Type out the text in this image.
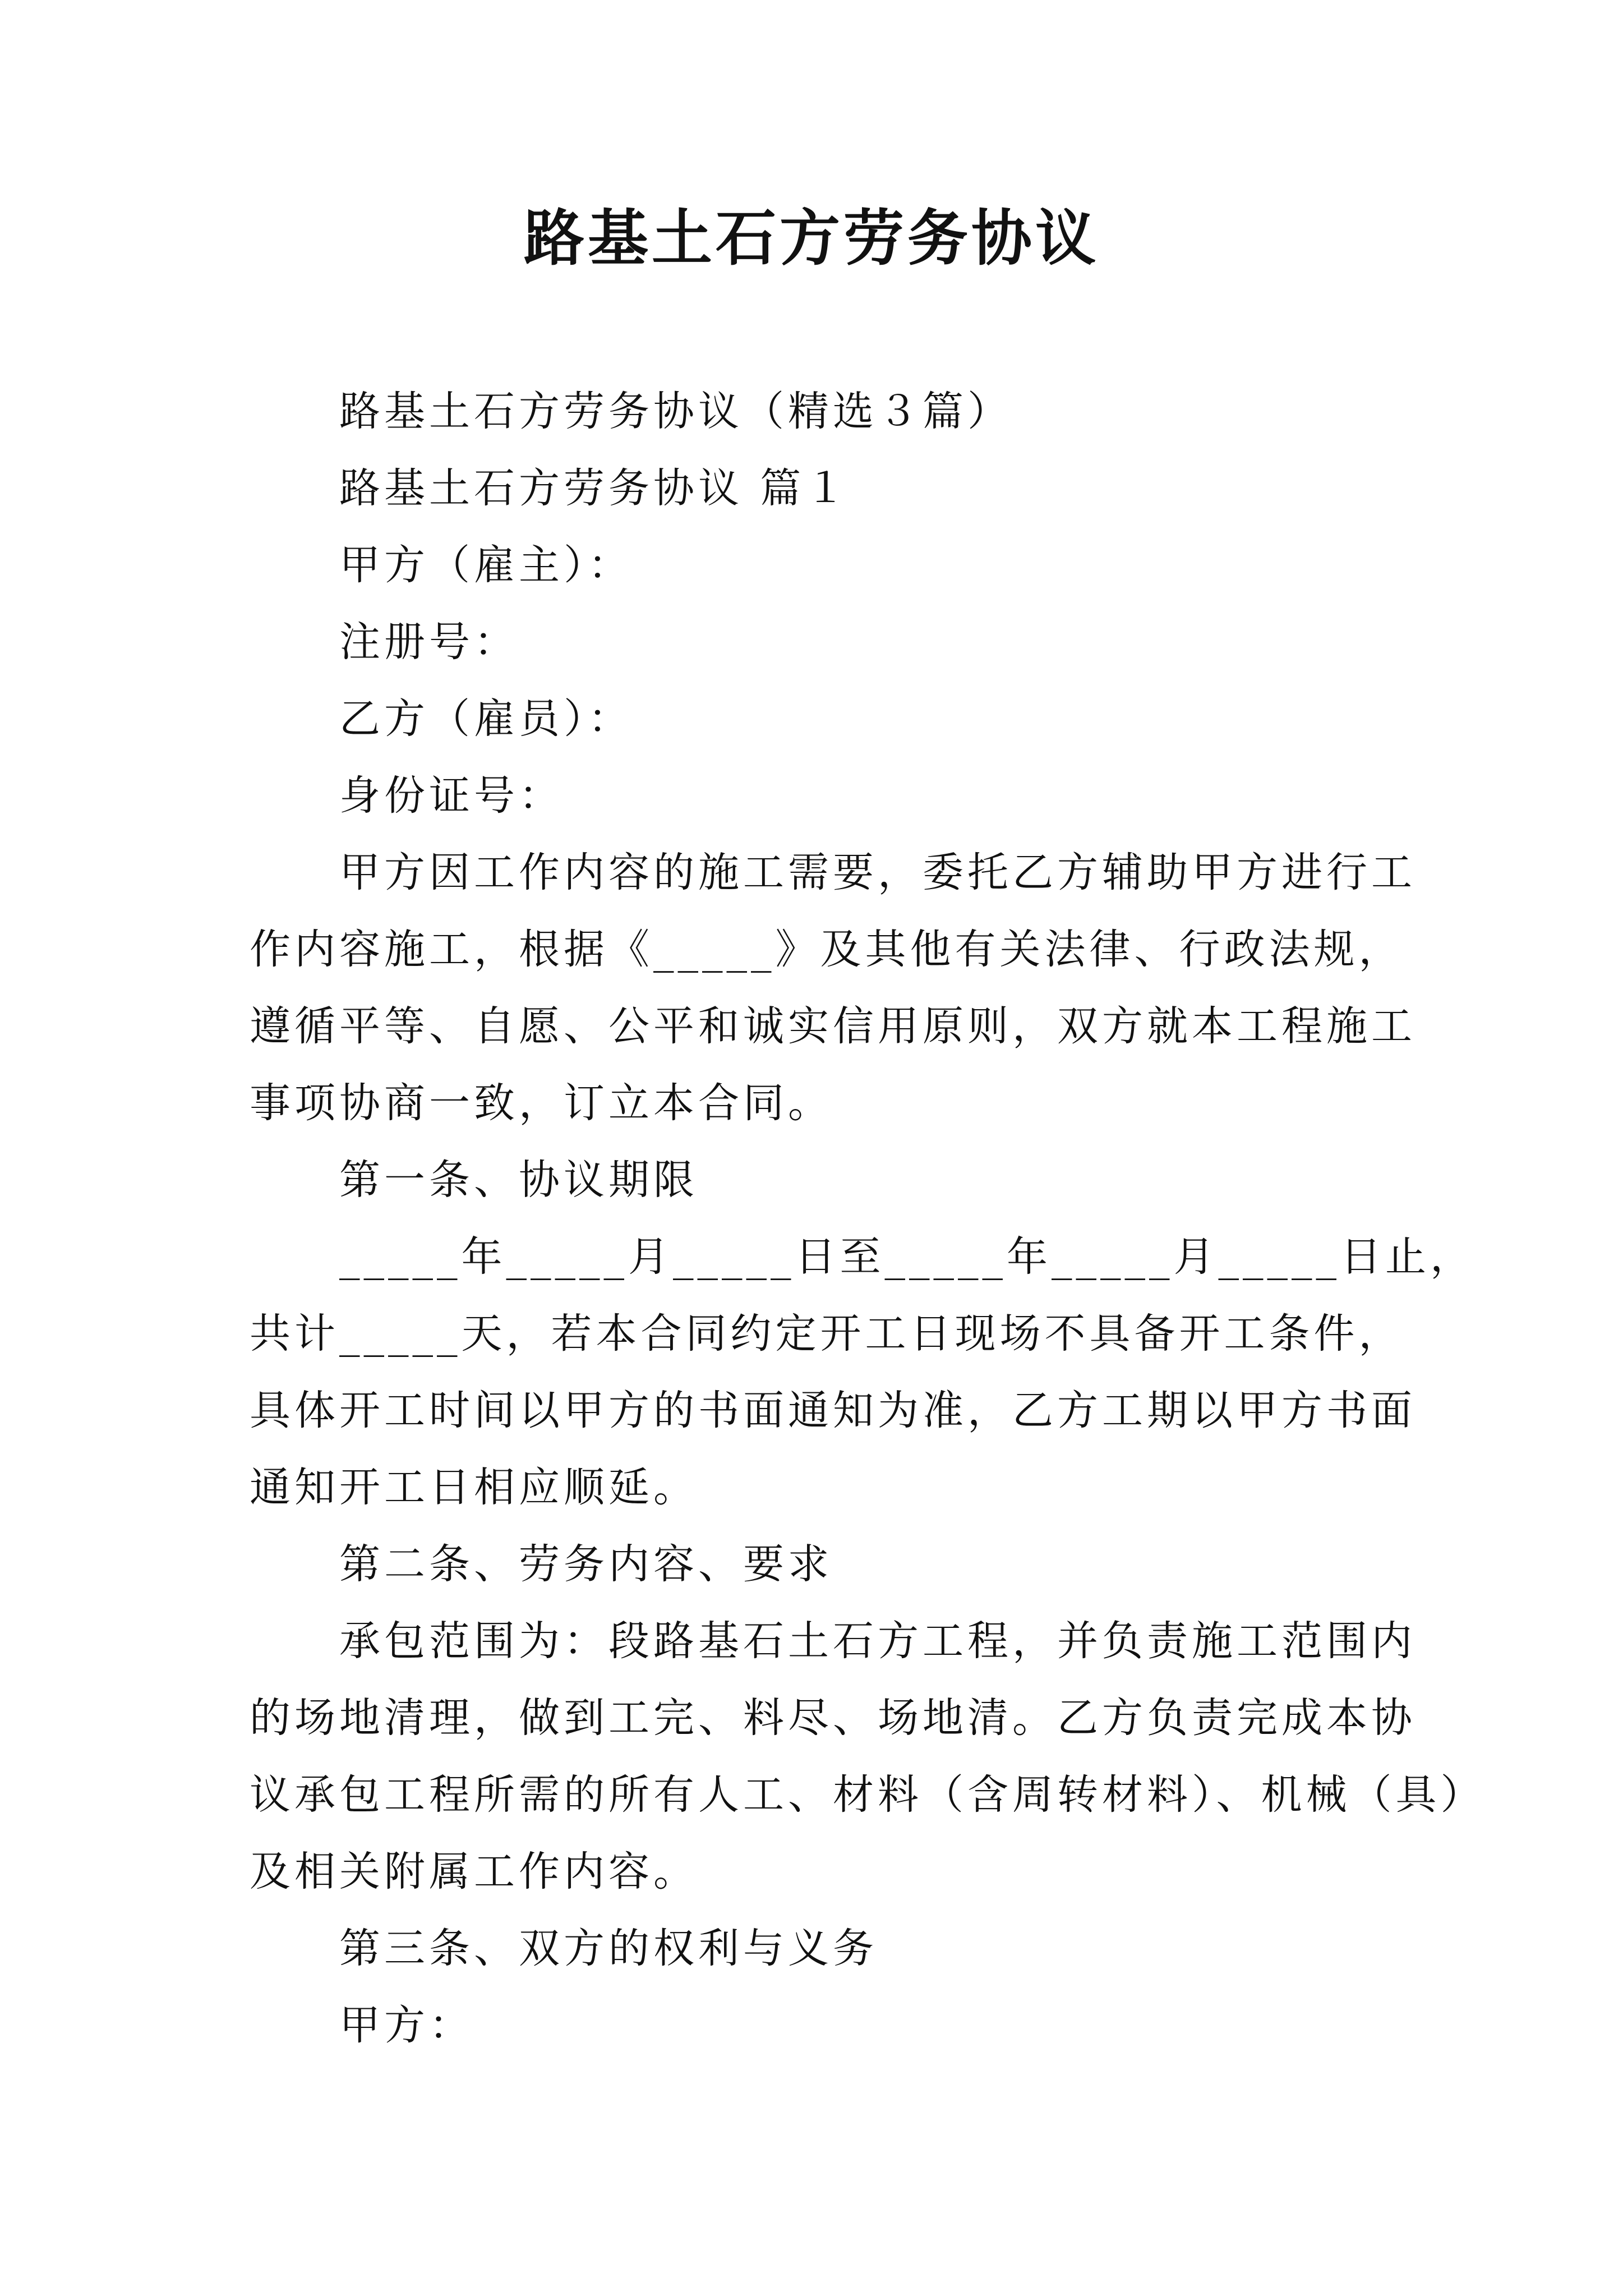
路基土石方劳务协议

路基土石方劳务协议（精选３篇）

路基土石方劳务协议 篇１

甲方（雇主）：

注册号：

乙方（雇员）：

身份证号：

甲方因工作内容的施工需要，委托乙方辅助甲方进行工

作内容施工，根据《_____》及其他有关法律、行政法规，

遵循平等、自愿、公平和诚实信用原则，双方就本工程施工

事项协商一致，订立本合同。

第一条、协议期限

_____年_____月_____日至_____年_____月_____日止，

共计_____天，若本合同约定开工日现场不具备开工条件，

具体开工时间以甲方的书面通知为准，乙方工期以甲方书面

通知开工日相应顺延。

第二条、劳务内容、要求

承包范围为：段路基石土石方工程，并负责施工范围内

的场地清理，做到工完、料尽、场地清。乙方负责完成本协

议承包工程所需的所有人工、材料（含周转材料）、机械（具）

及相关附属工作内容。

第三条、双方的权利与义务

甲方：
